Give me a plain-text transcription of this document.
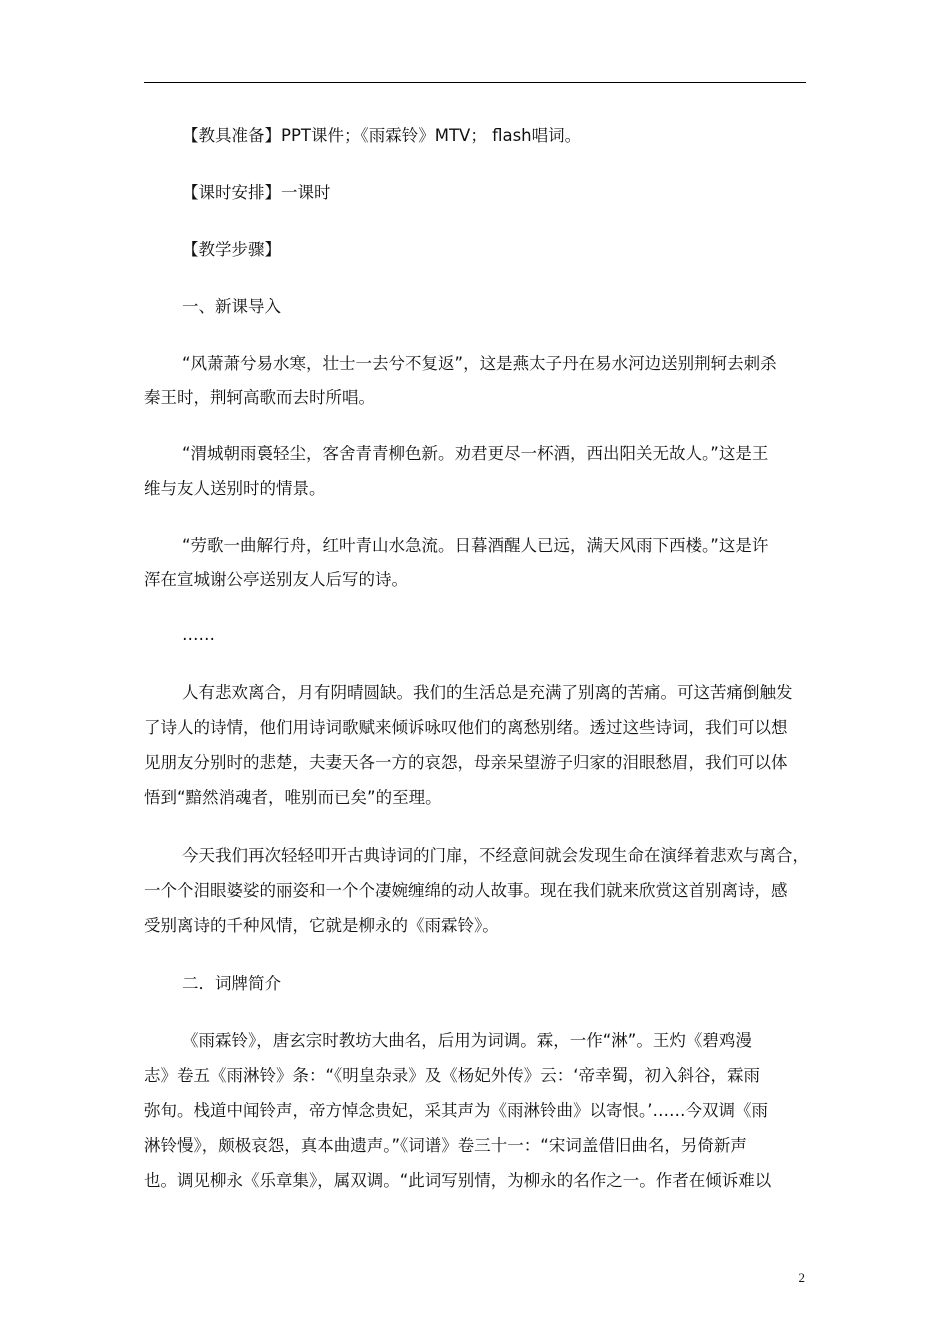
【教具准备】PPT课件；《雨霖铃》MTV； flash唱词。
【课时安排】一课时
【教学步骤】
一、新课导入
“风萧萧兮易水寒，壮士一去兮不复返”，这是燕太子丹在易水河边送别荆轲去刺杀
秦王时，荆轲高歌而去时所唱。
“渭城朝雨裛轻尘，客舍青青柳色新。劝君更尽一杯酒，西出阳关无故人。”这是王
维与友人送别时的情景。
“劳歌一曲解行舟，红叶青山水急流。日暮酒醒人已远，满天风雨下西楼。”这是许
浑在宣城谢公亭送别友人后写的诗。
……
人有悲欢离合，月有阴晴圆缺。我们的生活总是充满了别离的苦痛。可这苦痛倒触发
了诗人的诗情，他们用诗词歌赋来倾诉咏叹他们的离愁别绪。透过这些诗词，我们可以想
见朋友分别时的悲楚，夫妻天各一方的哀怨，母亲呆望游子归家的泪眼愁眉，我们可以体
悟到“黯然消魂者，唯别而已矣”的至理。
今天我们再次轻轻叩开古典诗词的门扉，不经意间就会发现生命在演绎着悲欢与离合，
一个个泪眼婆娑的丽姿和一个个凄婉缠绵的动人故事。现在我们就来欣赏这首别离诗，感
受别离诗的千种风情，它就是柳永的《雨霖铃》。
二．词牌简介
《雨霖铃》，唐玄宗时教坊大曲名，后用为词调。霖，一作“淋”。王灼《碧鸡漫
志》卷五《雨淋铃》条：“《明皇杂录》及《杨妃外传》云：‘帝幸蜀，初入斜谷，霖雨
弥旬。栈道中闻铃声，帝方悼念贵妃，采其声为《雨淋铃曲》以寄恨。’……今双调《雨
淋铃慢》，颇极哀怨，真本曲遗声。”《词谱》卷三十一：“宋词盖借旧曲名，另倚新声
也。调见柳永《乐章集》，属双调。“此词写别情，为柳永的名作之一。作者在倾诉难以
2
